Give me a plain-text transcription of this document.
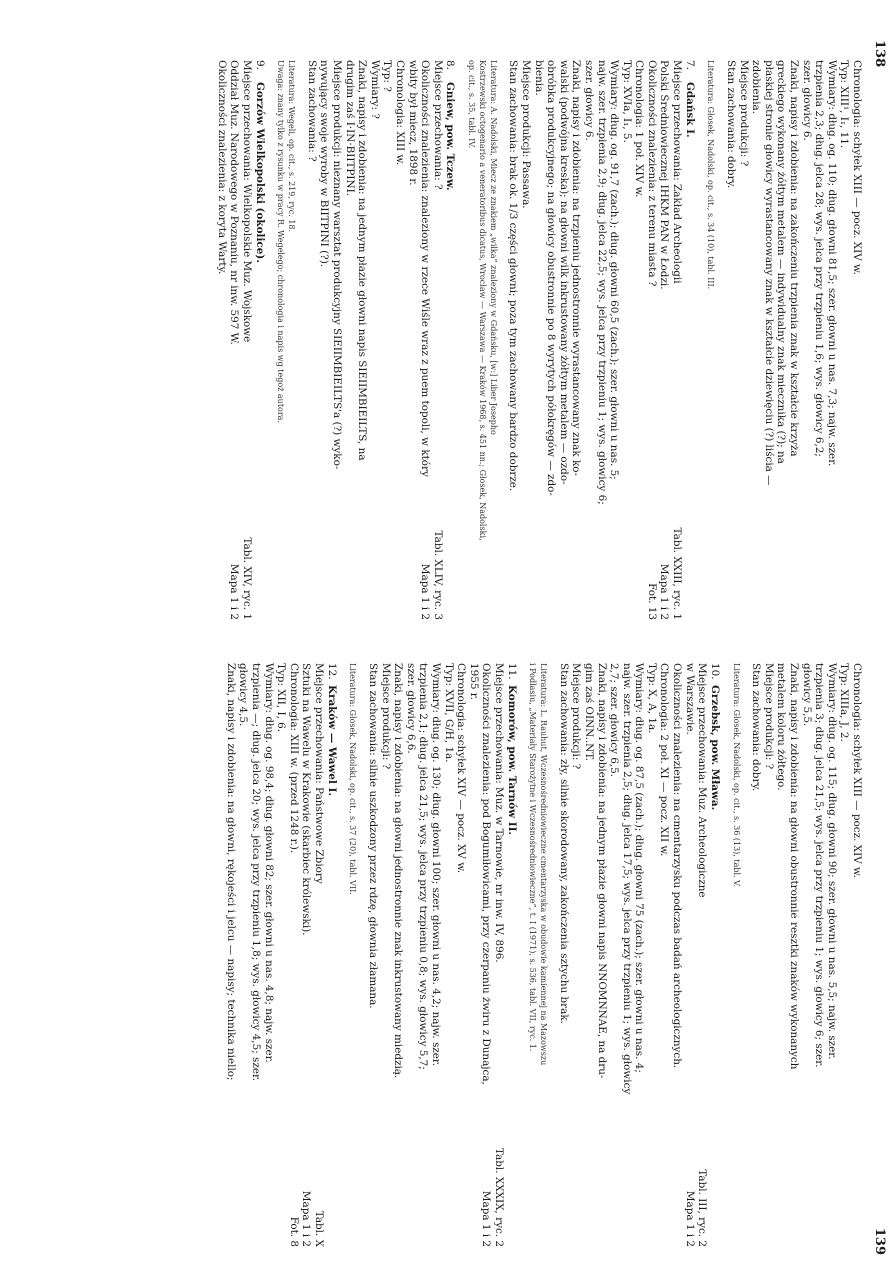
138
Chronologia: schyłek XIII — pocz. XIV w.
Typ: XIII¹, I₁, 11.
Wymiary: dług. og. 110; dług. głowni 81,5; szer. głowni u nas. 7,3; najw. szer.
trzpienia 2,3; dług. jelca 28; wys. jelca przy trzpieniu 1,6; wys. głowicy 6,2;
szer. głowicy 6.
Znaki, napisy i zdobienia: na zakończeniu trzpienia znak w kształcie krzyża
greckiego wykonany żółtym metalem — indywidualny znak miecznika (?); na
płaskiej stronie głowicy wyrastancowany znak w kształcie dziewięciu (?) liścia —
zdobienia.
Miejsce produkcji: ?
Stan zachowania: dobry.
Literatura: Głosek, Nadolski, op. cit., s. 34 (10), tabl. III.
7.
Gdańsk I.
Tabl. XXIII, ryc. 1
Miejsce przechowania: Zakład Archeologii
Mapa 1 i 2
Polski Średniowiecznej IHKM PAN w Łodzi.
Fot. 13
Okoliczności znalezienia: z terenu miasta ?
Chronologia: 1 poł. XIV w.
Typ: XVIa, I₁, 5.
Wymiary: dług. og. 91,7 (zach.); dług. głowni 60,5 (zach.); szer. głowni u nas. 5;
najw. szer. trzpienia 2,9; dług. jelca 22,5; wys. jelca przy trzpieniu 1; wys. głowicy 6;
szer. głowicy 6.
Znaki, napisy i zdobienia: na trzpieniu jednostronnie wyrastancowany znak ko-
walski (podwójna kreska); na głowni wilk inkrustowany żółtym metalem — ozdo-
obróbka produkcyjnego; na głowicy obustronnie po 8 wyrytych półokręgów — zdo-
bienia.
Miejsce produkcji: Passawa.
Stan zachowania: brak ok. 1/3 części głowni; poza tym zachowany bardzo dobrze.
Literatura: A. Nadolski, Miecz ze znakiem „wilka” znaleziony w Gdańsku, [w:] Liber Josepho
Kostrzewski octogenario a veneratoribus dicatus, Wrocław — Warszawa — Kraków 1968, s. 451 nn.; Głosek, Nadolski,
op. cit., s. 35, tabl. IV.
8.
Gniew, pow. Tczew.
Tabl. XLIV, ryc. 3
Miejsce przechowania: ?
Mapa 1 i 2
Okoliczności znalezienia: znaleziony w rzece Wiśle wraz z puem topoli, w który
wbity był miecz, 1898 r.
Chronologia: XIII w.
Typ: ?
Wymiary: ?
Znaki, napisy i zdobienia: na jednym płazie głowni napis SIEIIMBIEILTS, na
drugim zaś I·IN·BIITPINI.
Miejsce produkcji: nieznany warsztat produkcyjny SIEIIMBIEILTS'a (?) wyko-
nywujący swoje wyroby w BIITPINI (?).
Stan zachowania: ?
Literatura: Wegeli, op. cit., s. 219, ryc. 18.
Uwaga: znany tylko z rysunku w pracy R. Wegelego; chronologia i napis wg tegoż autora.
9.
Gorzów Wielkopolski (okolice).
Tabl. XIV, ryc. 1
Miejsce przechowania: Wielkopolskie Muz. Wojskowe
Mapa 1 i 2
Oddział Muz. Narodowego w Poznaniu, nr inw. 597 W.
Okoliczności znalezienia: z koryta Warty.
139
Chronologia: schyłek XIII — pocz. XIV w.
Typ: XIIIa, J, 2.
Wymiary: dług. og. 115; dług. głowni 90; szer. głowni u nas. 5,5; najw. szer.
trzpienia 3; dług. jelca 21,5; wys. jelca przy trzpieniu 1; wys. głowicy 6; szer.
głowicy 5,5.
Znaki, napisy i zdobienia: na głowni obustronnie resztki znaków wykonanych
metalem koloru żółtego.
Miejsce produkcji: ?
Stan zachowania: dobry.
Literatura: Głosek, Nadolski, op. cit., s. 36 (13), tabl. V.
10.
Grzebsk, pow. Mława.
Tabl. III, ryc. 2
Miejsce przechowania: Muz. Archeologiczne
Mapa 1 i 2
w Warszawie.
Okoliczności znalezienia: na cmentarzysku podczas badań archeologicznych.
Chronologia: 2 poł. XI — pocz. XII w.
Typ: X, A, 1a.
Wymiary: dług. og. 87,5 (zach.); dług. głowni 75 (zach.); szer. głowni u nas. 4;
najw. szer. trzpienia 2,5; dług. jelca 17,5; wys. jelca przy trzpieniu 1; wys. głowicy
2,7; szer. głowicy 6,5.
Znaki, napisy i zdobienia: na jednym płazie głowni napis NNOMNNAE, na dru-
gim zaś OINN..NT.
Miejsce produkcji: ?
Stan zachowania: zły, silnie skorodowany, zakończenia sztychu brak.
Literatura: L. Rauhut, Wczesnośredniowieczne cmentarzyska w obudowie kamiennej na Mazowszu
i Podlasiu, „Materiały Starożytne i Wczesnośredniowieczne”, t. I (1971), s. 536, tabl. VII, ryc. 1.
11.
Komorów, pow. Tarnów II.
Tabl. XXXIX, ryc. 2
Miejsce przechowania: Muz. w Tarnowie, nr inw. IV, 896.
Mapa 1 i 2
Okoliczności znalezienia: pod Bogumiłowicami, przy czerpaniu żwiru z Dunajca,
1955 r.
Chronologia: schyłek XIV — pocz. XV w.
Typ: XVII, G/H, 1a.
Wymiary: dług. og. 130; dług. głowni 100; szer. głowni u nas. 4,2; najw. szer.
trzpienia 2,1; dług. jelca 21,5; wys. jelca przy trzpieniu 0,8; wys. głowicy 5,7;
szer. głowicy 6,6.
Znaki, napisy i zdobienia: na głowni jednostronnie znak inkrustowany miedzią.
Miejsce produkcji: ?
Stan zachowania: silnie uszkodzony przez rdzę, głownia złamana.
Literatura: Głosek, Nadolski, op. cit., s. 37 (20), tabl. VII.
12.
Kraków — Wawel I.
Tabl. X
Miejsce przechowania: Państwowe Zbiory
Mapa 1 i 2
Sztuki na Wawelu w Krakowie (skarbiec królewski).
Fot. 8
Chronologia: XIII w. (przed 1248 r.).
Typ: XII, I, 6.
Wymiary: dług. og. 98,4; dług. głowni 82; szer. głowni u nas. 4,8; najw. szer.
trzpienia —; dług. jelca 20; wys. jelca przy trzpieniu 1,8; wys. głowicy 4,5; szer.
głowicy 4,5.
Znaki, napisy i zdobienia: na głowni, rękojeści i jelcu — napisy; technika niello;
